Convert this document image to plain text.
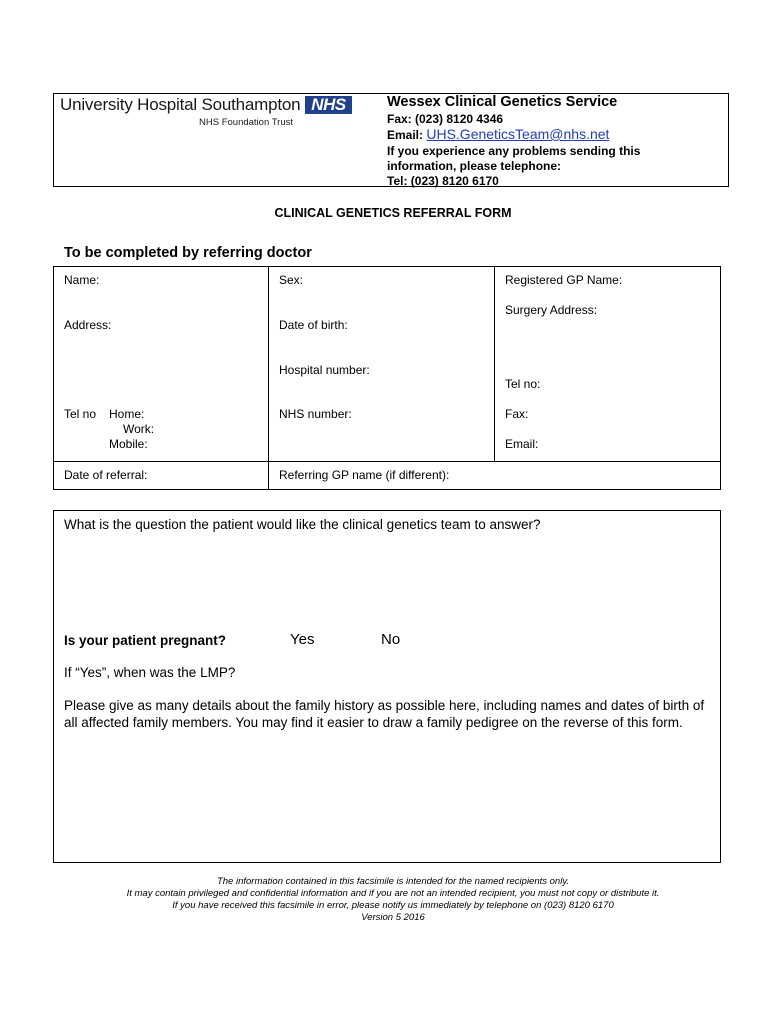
University Hospital Southampton
NHS Foundation Trust
NHS	Wessex Clinical Genetics Service
Fax: (023) 8120 4346
Email: UHS.GeneticsTeam@nhs.net
If you experience any problems sending this
information, please telephone:
Tel: (023) 8120 6170
CLINICAL GENETICS REFERRAL FORM
To be completed by referring doctor
Name:
Address:
Tel no Home:
Work:
Mobile:
Sex:
Date of birth:
Hospital number:
NHS number:
Registered GP Name:
Surgery Address:
Tel no:
Fax:
Email:
Date of referral:	Referring GP name (if different):
What is the question the patient would like the clinical genetics team to answer?
Is your patient pregnant?	Yes	No
If “Yes”, when was the LMP?
Please give as many details about the family history as possible here, including names and dates of birth of all affected family members. You may find it easier to draw a family pedigree on the reverse of this form.
The information contained in this facsimile is intended for the named recipients only.
It may contain privileged and confidential information and if you are not an intended recipient, you must not copy or distribute it.
If you have received this facsimile in error, please notify us immediately by telephone on (023) 8120 6170
Version 5 2016
